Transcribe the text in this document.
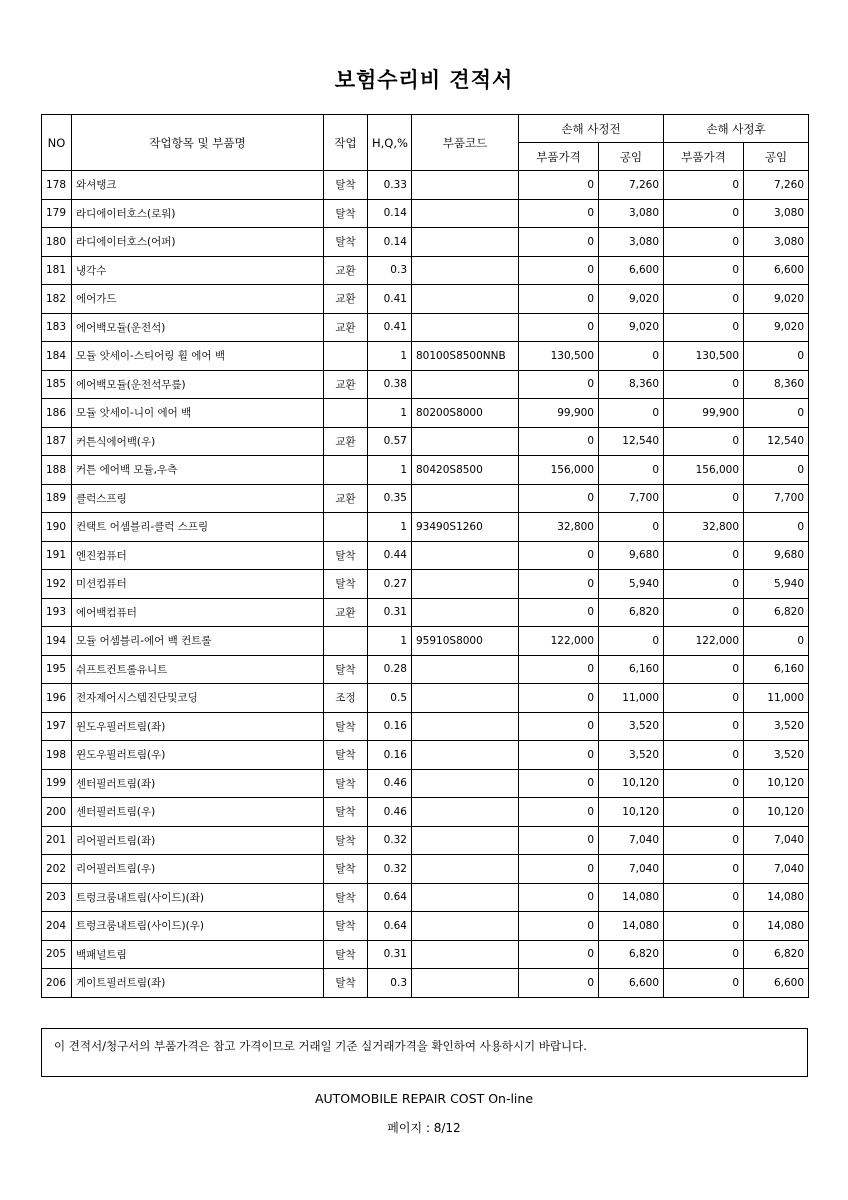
보험수리비 견적서
NO	작업항목 및 부품명	작업	H,Q,%	부품코드	손해 사정전		손해 사정후	
					부품가격	공임	부품가격	공임
178	와셔탱크	탈착	0.33		0	7,260	0	7,260
179	라디에이터호스(로워)	탈착	0.14		0	3,080	0	3,080
180	라디에이터호스(어퍼)	탈착	0.14		0	3,080	0	3,080
181	냉각수	교환	0.3		0	6,600	0	6,600
182	에어가드	교환	0.41		0	9,020	0	9,020
183	에어백모듈(운전석)	교환	0.41		0	9,020	0	9,020
184	모듈 앗세이-스티어링 휠 에어 백		1	80100S8500NNB	130,500	0	130,500	0
185	에어백모듈(운전석무릎)	교환	0.38		0	8,360	0	8,360
186	모듈 앗세이-니이 에어 백		1	80200S8000	99,900	0	99,900	0
187	커튼식에어백(우)	교환	0.57		0	12,540	0	12,540
188	커튼 에어백 모듈,우측		1	80420S8500	156,000	0	156,000	0
189	클럭스프링	교환	0.35		0	7,700	0	7,700
190	컨택트 어셈블리-클럭 스프링		1	93490S1260	32,800	0	32,800	0
191	엔진컴퓨터	탈착	0.44		0	9,680	0	9,680
192	미션컴퓨터	탈착	0.27		0	5,940	0	5,940
193	에어백컴퓨터	교환	0.31		0	6,820	0	6,820
194	모듈 어셈블리-에어 백 컨트롤		1	95910S8000	122,000	0	122,000	0
195	쉬프트컨트롤유니트	탈착	0.28		0	6,160	0	6,160
196	전자제어시스템진단및코딩	조정	0.5		0	11,000	0	11,000
197	윈도우필러트림(좌)	탈착	0.16		0	3,520	0	3,520
198	윈도우필러트림(우)	탈착	0.16		0	3,520	0	3,520
199	센터필러트림(좌)	탈착	0.46		0	10,120	0	10,120
200	센터필러트림(우)	탈착	0.46		0	10,120	0	10,120
201	리어필러트림(좌)	탈착	0.32		0	7,040	0	7,040
202	리어필러트림(우)	탈착	0.32		0	7,040	0	7,040
203	트렁크룸내트림(사이드)(좌)	탈착	0.64		0	14,080	0	14,080
204	트렁크룸내트림(사이드)(우)	탈착	0.64		0	14,080	0	14,080
205	백패널트림	탈착	0.31		0	6,820	0	6,820
206	게이트필러트림(좌)	탈착	0.3		0	6,600	0	6,600
이 견적서/청구서의 부품가격은 참고 가격이므로 거래일 기준 실거래가격을 확인하여 사용하시기 바랍니다.
AUTOMOBILE REPAIR COST On-line
페이지 : 8/12
